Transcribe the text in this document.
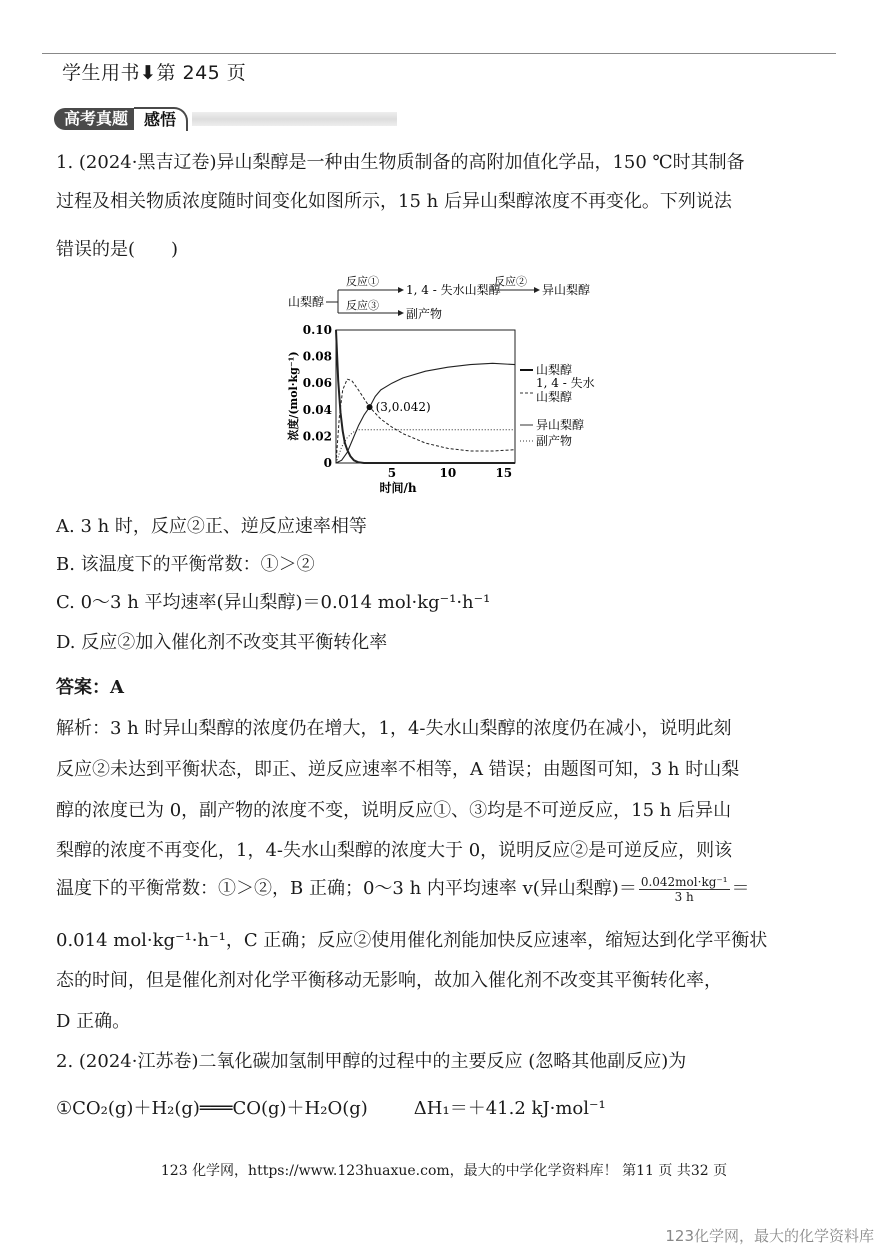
学生用书⬇第 245 页
高考真题	感悟
1. (2024·黑吉辽卷)异山梨醇是一种由生物质制备的高附加值化学品，150 ℃时其制备
过程及相关物质浓度随时间变化如图所示，15 h 后异山梨醇浓度不再变化。下列说法
错误的是(　　)
山梨醇
反应①
1, 4 - 失水山梨醇
反应②
异山梨醇
反应③
副产物
0
0.02
0.04
0.06
0.08
0.10
5	10	15
浓度/(mol·kg⁻¹)
时间/h
(3,0.042)
山梨醇
1, 4 - 失水
山梨醇
异山梨醇
副产物
A. 3 h 时，反应②正、逆反应速率相等
B. 该温度下的平衡常数：①＞②
C. 0～3 h 平均速率(异山梨醇)＝0.014 mol·kg⁻¹·h⁻¹
D. 反应②加入催化剂不改变其平衡转化率
答案：A
解析：3 h 时异山梨醇的浓度仍在增大，1，4-失水山梨醇的浓度仍在减小，说明此刻
反应②未达到平衡状态，即正、逆反应速率不相等，A 错误；由题图可知，3 h 时山梨
醇的浓度已为 0，副产物的浓度不变，说明反应①、③均是不可逆反应，15 h 后异山
梨醇的浓度不再变化，1，4-失水山梨醇的浓度大于 0，说明反应②是可逆反应，则该
温度下的平衡常数：①＞②，B 正确；0～3 h 内平均速率 v(异山梨醇)＝ $\frac{\text{0.042mol·kg⁻¹}}{3 h}$ ＝
0.014 mol·kg⁻¹·h⁻¹，C 正确；反应②使用催化剂能加快反应速率，缩短达到化学平衡状
态的时间，但是催化剂对化学平衡移动无影响，故加入催化剂不改变其平衡转化率，
D 正确。
2. (2024·江苏卷)二氧化碳加氢制甲醇的过程中的主要反应 (忽略其他副反应)为
①CO₂(g)＋H₂(g)═══CO(g)＋H₂O(g)	ΔH₁＝＋41.2 kJ·mol⁻¹
123 化学网，https://www.123huaxue.com，最大的中学化学资料库！ 第11 页 共32 页
123化学网，最大的化学资料库
